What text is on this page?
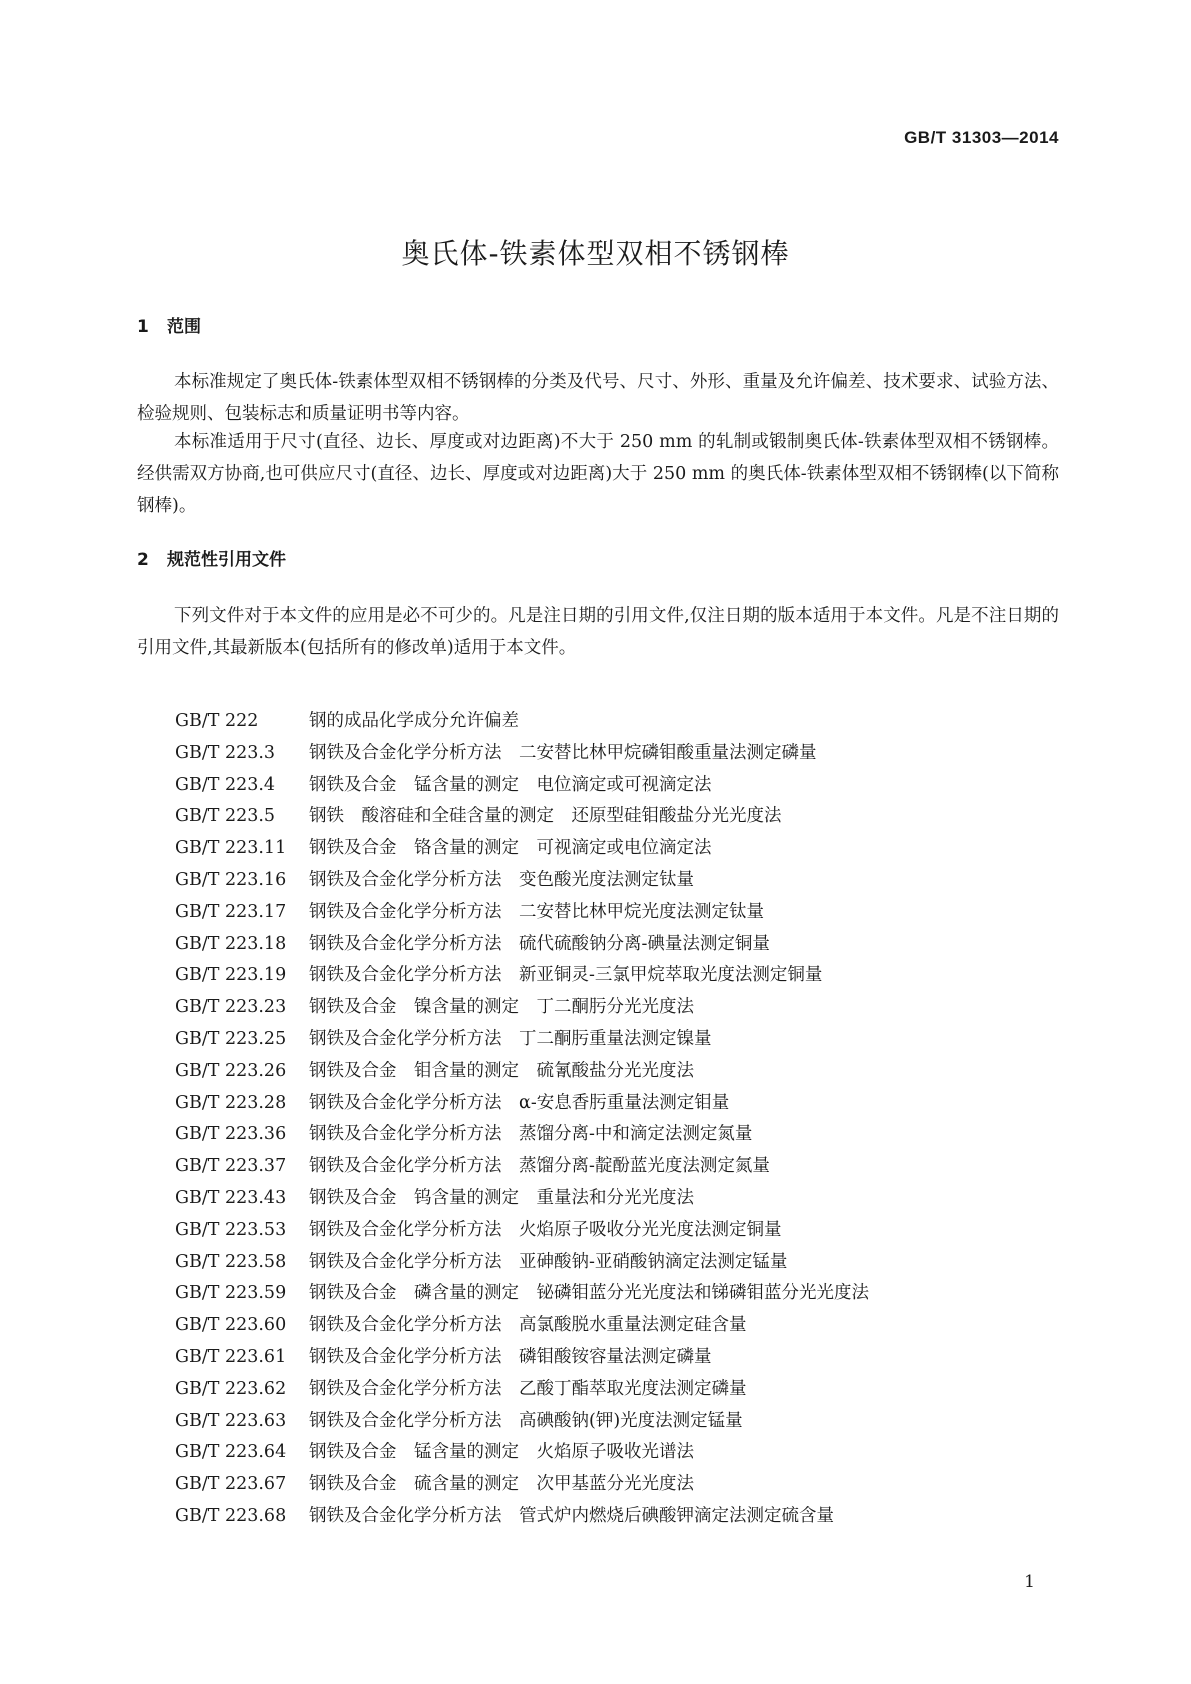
GB/T 31303—2014
奥氏体-铁素体型双相不锈钢棒
1 范围

本标准规定了奥氏体-铁素体型双相不锈钢棒的分类及代号、尺寸、外形、重量及允许偏差、技术要求、试验方法、检验规则、包装标志和质量证明书等内容。

本标准适用于尺寸(直径、边长、厚度或对边距离)不大于 250 mm 的轧制或锻制奥氏体-铁素体型双相不锈钢棒。经供需双方协商,也可供应尺寸(直径、边长、厚度或对边距离)大于 250 mm 的奥氏体-铁素体型双相不锈钢棒(以下简称钢棒)。

2 规范性引用文件

下列文件对于本文件的应用是必不可少的。凡是注日期的引用文件,仅注日期的版本适用于本文件。凡是不注日期的引用文件,其最新版本(包括所有的修改单)适用于本文件。

GB/T 222	钢的成品化学成分允许偏差
GB/T 223.3 钢铁及合金化学分析方法　二安替比林甲烷磷钼酸重量法测定磷量
GB/T 223.4 钢铁及合金　锰含量的测定　电位滴定或可视滴定法
GB/T 223.5 钢铁　酸溶硅和全硅含量的测定　还原型硅钼酸盐分光光度法
GB/T 223.11 钢铁及合金　铬含量的测定　可视滴定或电位滴定法
GB/T 223.16 钢铁及合金化学分析方法　变色酸光度法测定钛量
GB/T 223.17 钢铁及合金化学分析方法　二安替比林甲烷光度法测定钛量
GB/T 223.18 钢铁及合金化学分析方法　硫代硫酸钠分离-碘量法测定铜量
GB/T 223.19 钢铁及合金化学分析方法　新亚铜灵-三氯甲烷萃取光度法测定铜量
GB/T 223.23 钢铁及合金　镍含量的测定　丁二酮肟分光光度法
GB/T 223.25 钢铁及合金化学分析方法　丁二酮肟重量法测定镍量
GB/T 223.26 钢铁及合金　钼含量的测定　硫氰酸盐分光光度法
GB/T 223.28 钢铁及合金化学分析方法　α-安息香肟重量法测定钼量
GB/T 223.36 钢铁及合金化学分析方法　蒸馏分离-中和滴定法测定氮量
GB/T 223.37 钢铁及合金化学分析方法　蒸馏分离-靛酚蓝光度法测定氮量
GB/T 223.43 钢铁及合金　钨含量的测定　重量法和分光光度法
GB/T 223.53 钢铁及合金化学分析方法　火焰原子吸收分光光度法测定铜量
GB/T 223.58 钢铁及合金化学分析方法　亚砷酸钠-亚硝酸钠滴定法测定锰量
GB/T 223.59 钢铁及合金　磷含量的测定　铋磷钼蓝分光光度法和锑磷钼蓝分光光度法
GB/T 223.60 钢铁及合金化学分析方法　高氯酸脱水重量法测定硅含量
GB/T 223.61 钢铁及合金化学分析方法　磷钼酸铵容量法测定磷量
GB/T 223.62 钢铁及合金化学分析方法　乙酸丁酯萃取光度法测定磷量
GB/T 223.63 钢铁及合金化学分析方法　高碘酸钠(钾)光度法测定锰量
GB/T 223.64 钢铁及合金　锰含量的测定　火焰原子吸收光谱法
GB/T 223.67 钢铁及合金　硫含量的测定　次甲基蓝分光光度法
GB/T 223.68 钢铁及合金化学分析方法　管式炉内燃烧后碘酸钾滴定法测定硫含量
1
